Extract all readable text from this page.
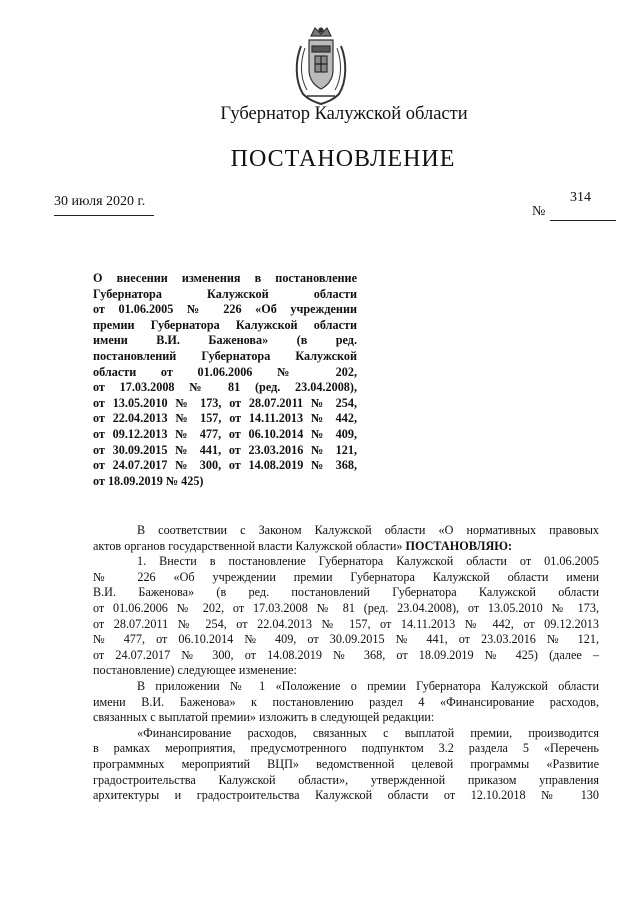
Губернатор Калужской области
ПОСТАНОВЛЕНИЕ
30 июля 2020 г.	314
№
О внесении изменения в постановление
Губернатора Калужской области
от 01.06.2005 № 226 «Об учреждении
премии Губернатора Калужской области
имени В.И. Баженова» (в ред.
постановлений Губернатора Калужской
области от 01.06.2006 № 202,
от 17.03.2008 № 81 (ред. 23.04.2008),
от 13.05.2010 № 173, от 28.07.2011 № 254,
от 22.04.2013 № 157, от 14.11.2013 № 442,
от 09.12.2013 № 477, от 06.10.2014 № 409,
от 30.09.2015 № 441, от 23.03.2016 № 121,
от 24.07.2017 № 300, от 14.08.2019 № 368,
от 18.09.2019 № 425)
В соответствии с Законом Калужской области «О нормативных правовых
актов органов государственной власти Калужской области» ПОСТАНОВЛЯЮ:
1. Внести в постановление Губернатора Калужской области от 01.06.2005
№ 226 «Об учреждении премии Губернатора Калужской области имени
В.И. Баженова» (в ред. постановлений Губернатора Калужской области
от 01.06.2006 № 202, от 17.03.2008 № 81 (ред. 23.04.2008), от 13.05.2010 № 173,
от 28.07.2011 № 254, от 22.04.2013 № 157, от 14.11.2013 № 442, от 09.12.2013
№ 477, от 06.10.2014 № 409, от 30.09.2015 № 441, от 23.03.2016 № 121,
от 24.07.2017 № 300, от 14.08.2019 № 368, от 18.09.2019 № 425) (далее –
постановление) следующее изменение:
В приложении № 1 «Положение о премии Губернатора Калужской области
имени В.И. Баженова» к постановлению раздел 4 «Финансирование расходов,
связанных с выплатой премии» изложить в следующей редакции:
«Финансирование расходов, связанных с выплатой премии, производится
в рамках мероприятия, предусмотренного подпунктом 3.2 раздела 5 «Перечень
программных мероприятий ВЦП» ведомственной целевой программы «Развитие
градостроительства Калужской области», утвержденной приказом управления
архитектуры и градостроительства Калужской области от 12.10.2018 № 130
